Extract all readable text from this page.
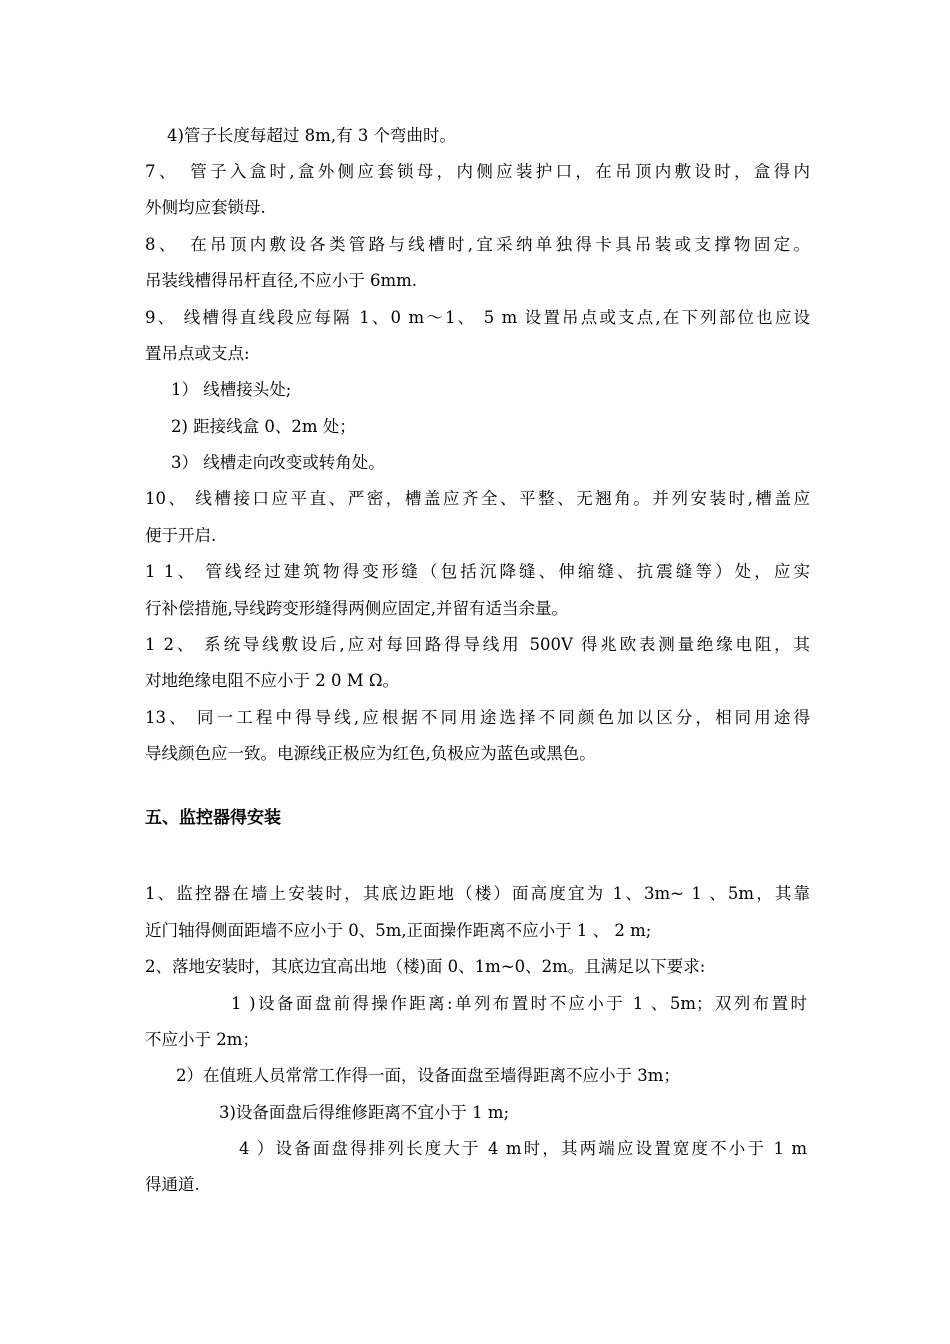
4)管子长度每超过 8m,有 3 个弯曲时。
7、　管子入盒时,盒外侧应套锁母，内侧应装护口，在吊顶内敷设时，盒得内
外侧均应套锁母.
8、　在吊顶内敷设各类管路与线槽时,宜采纳单独得卡具吊装或支撑物固定。
吊装线槽得吊杆直径,不应小于 6mm.
9、 线槽得直线段应每隔 1、0 m～1、 5 m 设置吊点或支点,在下列部位也应设
置吊点或支点:
1） 线槽接头处;
2) 距接线盒 0、2m 处；
3） 线槽走向改变或转角处。
10、 线槽接口应平直、严密，槽盖应齐全、平整、无翘角。并列安装时,槽盖应
便于开启.
1 1、 管线经过建筑物得变形缝（包括沉降缝、伸缩缝、抗震缝等）处，应实
行补偿措施,导线跨变形缝得两侧应固定,并留有适当余量。
1 2、 系统导线敷设后,应对每回路得导线用 500V 得兆欧表测量绝缘电阻，其
对地绝缘电阻不应小于 2 0 M Ω。
13、 同一工程中得导线,应根据不同用途选择不同颜色加以区分，相同用途得
导线颜色应一致。电源线正极应为红色,负极应为蓝色或黑色。
五、监控器得安装
1、监控器在墙上安装时，其底边距地（楼）面高度宜为 1、3m~ 1 、5m，其靠
近门轴得侧面距墙不应小于 0、5m,正面操作距离不应小于 1 、 2 m;
2、落地安装时，其底边宜高出地（楼)面 0、1m~0、2m。且满足以下要求:
1 )设备面盘前得操作距离:单列布置时不应小于 1 、5m；双列布置时
不应小于 2m；
2）在值班人员常常工作得一面，设备面盘至墙得距离不应小于 3m；
3)设备面盘后得维修距离不宜小于 1 m;
4 ）设备面盘得排列长度大于 4 m时，其两端应设置宽度不小于 1 m
得通道.
